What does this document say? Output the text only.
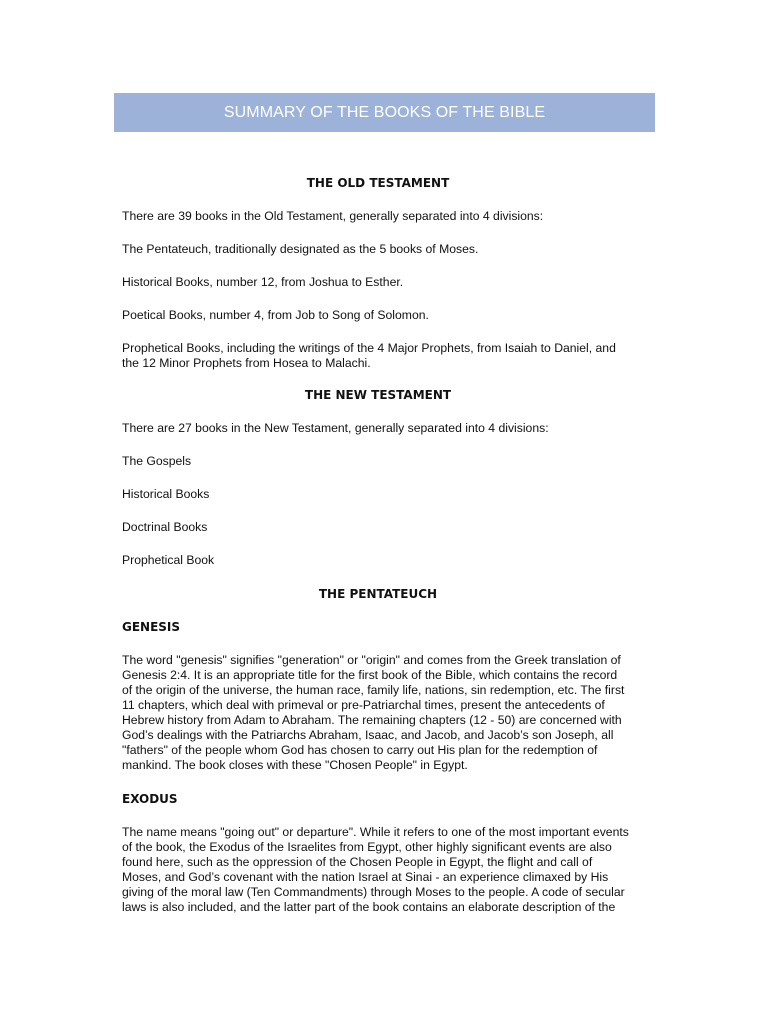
SUMMARY OF THE BOOKS OF THE BIBLE
THE OLD TESTAMENT

There are 39 books in the Old Testament, generally separated into 4 divisions:

The Pentateuch, traditionally designated as the 5 books of Moses.

Historical Books, number 12, from Joshua to Esther.

Poetical Books, number 4, from Job to Song of Solomon.

Prophetical Books, including the writings of the 4 Major Prophets, from Isaiah to Daniel, and

the 12 Minor Prophets from Hosea to Malachi.

THE NEW TESTAMENT

There are 27 books in the New Testament, generally separated into 4 divisions:

The Gospels

Historical Books

Doctrinal Books

Prophetical Book

THE PENTATEUCH
GENESIS

The word "genesis" signifies "generation" or "origin" and comes from the Greek translation of

Genesis 2:4. It is an appropriate title for the first book of the Bible, which contains the record

of the origin of the universe, the human race, family life, nations, sin redemption, etc. The first

11 chapters, which deal with primeval or pre-Patriarchal times, present the antecedents of

Hebrew history from Adam to Abraham. The remaining chapters (12 - 50) are concerned with

God’s dealings with the Patriarchs Abraham, Isaac, and Jacob, and Jacob’s son Joseph, all

"fathers" of the people whom God has chosen to carry out His plan for the redemption of

mankind. The book closes with these "Chosen People" in Egypt.

EXODUS

The name means "going out" or departure". While it refers to one of the most important events

of the book, the Exodus of the Israelites from Egypt, other highly significant events are also

found here, such as the oppression of the Chosen People in Egypt, the flight and call of

Moses, and God’s covenant with the nation Israel at Sinai - an experience climaxed by His

giving of the moral law (Ten Commandments) through Moses to the people. A code of secular

laws is also included, and the latter part of the book contains an elaborate description of the
